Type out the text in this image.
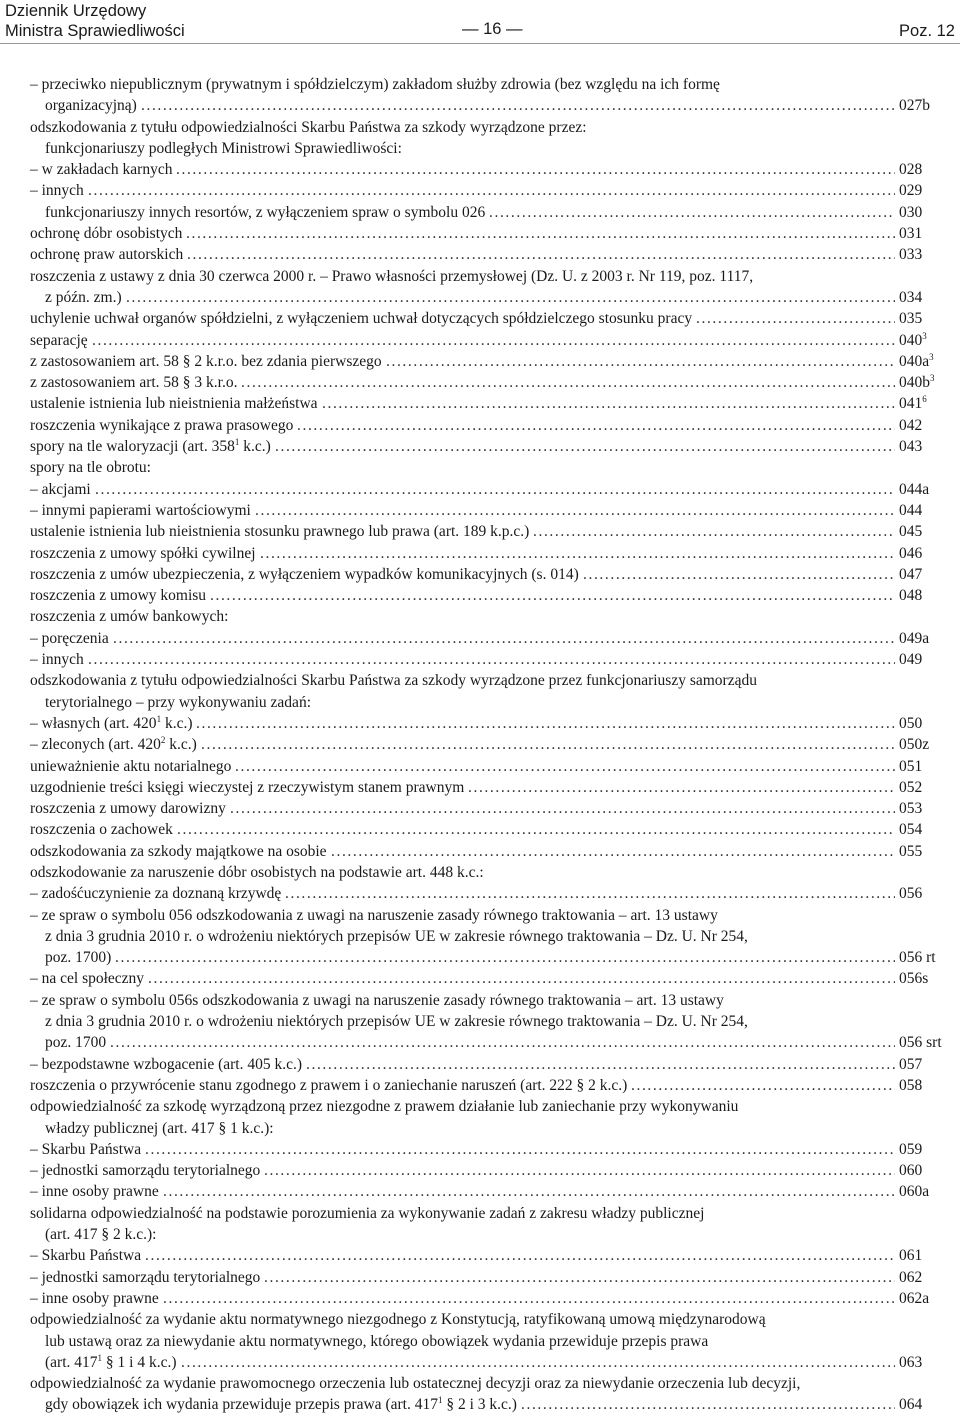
Dziennik Urzędowy
Ministra Sprawiedliwości	— 16 —	Poz. 12
– przeciwko niepublicznym (prywatnym i spółdzielczym) zakładom służby zdrowia (bez względu na ich formę
organizacyjną)	027b
.....
odszkodowania z tytułu odpowiedzialności Skarbu Państwa za szkody wyrządzone przez:
funkcjonariuszy podległych Ministrowi Sprawiedliwości:
– w zakładach karnych	028
.....
– innych	029
.....
funkcjonariuszy innych resortów, z wyłączeniem spraw o symbolu 026	030
.....
ochronę dóbr osobistych	031
.....
ochronę praw autorskich	033
.....
roszczenia z ustawy z dnia 30 czerwca 2000 r. – Prawo własności przemysłowej (Dz. U. z 2003 r. Nr 119, poz. 1117,
z późn. zm.)	034
.....
uchylenie uchwał organów spółdzielni, z wyłączeniem uchwał dotyczących spółdzielczego stosunku pracy	035
.....
separację	$040^3$
.....
z zastosowaniem art. 58 § 2 k.r.o. bez zdania pierwszego	$040a^3$
.....
z zastosowaniem art. 58 § 3 k.r.o.	$040b^3$
.....
ustalenie istnienia lub nieistnienia małżeństwa	$041^6$
.....
roszczenia wynikające z prawa prasowego	042
.....
spory na tle waloryzacji (art. $358^1$ k.c.)	043
.....
spory na tle obrotu:
– akcjami	044a
.....
– innymi papierami wartościowymi	044
.....
ustalenie istnienia lub nieistnienia stosunku prawnego lub prawa (art. 189 k.p.c.)	045
.....
roszczenia z umowy spółki cywilnej	046
.....
roszczenia z umów ubezpieczenia, z wyłączeniem wypadków komunikacyjnych (s. 014)	047
.....
roszczenia z umowy komisu	048
.....
roszczenia z umów bankowych:
– poręczenia	049a
.....
– innych	049
.....
odszkodowania z tytułu odpowiedzialności Skarbu Państwa za szkody wyrządzone przez funkcjonariuszy samorządu
terytorialnego – przy wykonywaniu zadań:
– własnych (art. $420^1$ k.c.)	050
.....
– zleconych (art. $420^2$ k.c.)	050z
.....
unieważnienie aktu notarialnego	051
.....
uzgodnienie treści księgi wieczystej z rzeczywistym stanem prawnym	052
.....
roszczenia z umowy darowizny	053
.....
roszczenia o zachowek	054
.....
odszkodowania za szkody majątkowe na osobie	055
.....
odszkodowanie za naruszenie dóbr osobistych na podstawie art. 448 k.c.:
– zadośćuczynienie za doznaną krzywdę	056
.....
– ze spraw o symbolu 056 odszkodowania z uwagi na naruszenie zasady równego traktowania – art. 13 ustawy
z dnia 3 grudnia 2010 r. o wdrożeniu niektórych przepisów UE w zakresie równego traktowania – Dz. U. Nr 254,
poz. 1700)	056 rt
.....
– na cel społeczny	056s
.....
– ze spraw o symbolu 056s odszkodowania z uwagi na naruszenie zasady równego traktowania – art. 13 ustawy
z dnia 3 grudnia 2010 r. o wdrożeniu niektórych przepisów UE w zakresie równego traktowania – Dz. U. Nr 254,
poz. 1700	056 srt
.....
– bezpodstawne wzbogacenie (art. 405 k.c.)	057
.....
roszczenia o przywrócenie stanu zgodnego z prawem i o zaniechanie naruszeń (art. 222 § 2 k.c.)	058
.....
odpowiedzialność za szkodę wyrządzoną przez niezgodne z prawem działanie lub zaniechanie przy wykonywaniu
władzy publicznej (art. 417 § 1 k.c.):
– Skarbu Państwa	059
.....
– jednostki samorządu terytorialnego	060
.....
– inne osoby prawne	060a
.....
solidarna odpowiedzialność na podstawie porozumienia za wykonywanie zadań z zakresu władzy publicznej
(art. 417 § 2 k.c.):
– Skarbu Państwa	061
.....
– jednostki samorządu terytorialnego	062
.....
– inne osoby prawne	062a
.....
odpowiedzialność za wydanie aktu normatywnego niezgodnego z Konstytucją, ratyfikowaną umową międzynarodową
lub ustawą oraz za niewydanie aktu normatywnego, którego obowiązek wydania przewiduje przepis prawa
(art. $417^1$ § 1 i 4 k.c.)	063
.....
odpowiedzialność za wydanie prawomocnego orzeczenia lub ostatecznej decyzji oraz za niewydanie orzeczenia lub decyzji,
gdy obowiązek ich wydania przewiduje przepis prawa (art. $417^1$ § 2 i 3 k.c.)	064
.....
